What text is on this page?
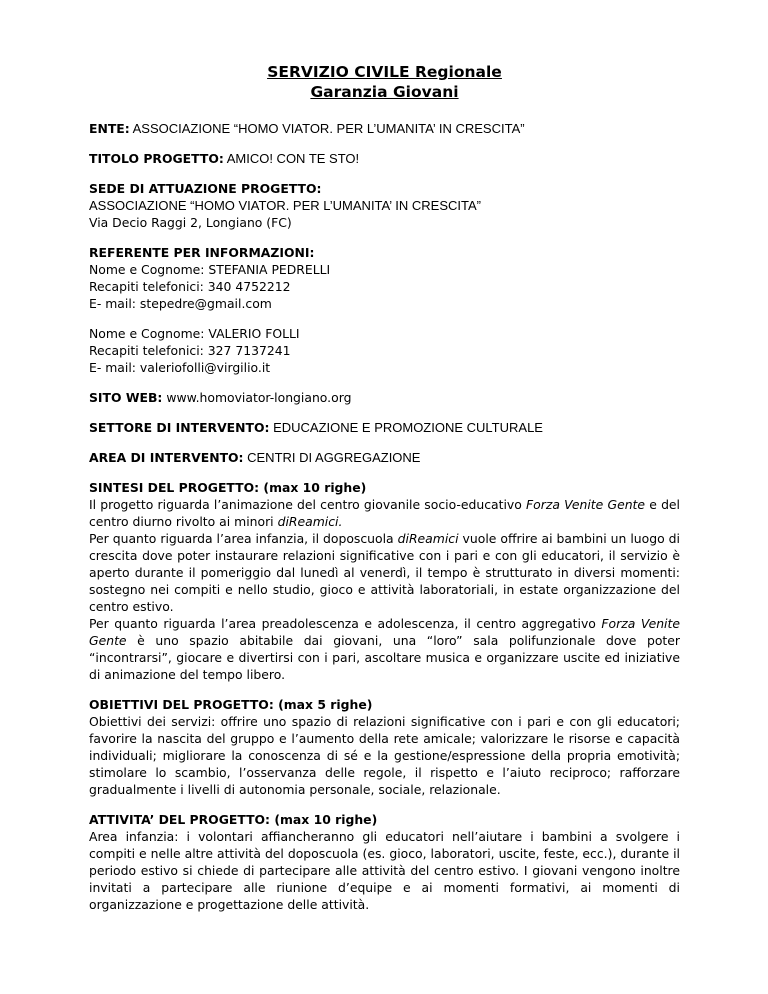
SERVIZIO CIVILE Regionale
Garanzia Giovani
ENTE: ASSOCIAZIONE “HOMO VIATOR. PER L’UMANITA’ IN CRESCITA”
TITOLO PROGETTO: AMICO! CON TE STO!
SEDE DI ATTUAZIONE PROGETTO:
ASSOCIAZIONE “HOMO VIATOR. PER L’UMANITA’ IN CRESCITA”
Via Decio Raggi 2, Longiano (FC)
REFERENTE PER INFORMAZIONI:
Nome e Cognome: STEFANIA PEDRELLI
Recapiti telefonici: 340 4752212
E- mail: stepedre@gmail.com
Nome e Cognome: VALERIO FOLLI
Recapiti telefonici: 327 7137241
E- mail: valeriofolli@virgilio.it
SITO WEB: www.homoviator-longiano.org
SETTORE DI INTERVENTO: EDUCAZIONE E PROMOZIONE CULTURALE
AREA DI INTERVENTO: CENTRI DI AGGREGAZIONE
SINTESI DEL PROGETTO: (max 10 righe)

Il progetto riguarda l’animazione del centro giovanile socio-educativo Forza Venite Gente e del centro diurno rivolto ai minori diReamici.

Per quanto riguarda l’area infanzia, il doposcuola diReamici vuole offrire ai bambini un luogo di crescita dove poter instaurare relazioni significative con i pari e con gli educatori, il servizio è aperto durante il pomeriggio dal lunedì al venerdì, il tempo è strutturato in diversi momenti: sostegno nei compiti e nello studio, gioco e attività laboratoriali, in estate organizzazione del centro estivo.

Per quanto riguarda l’area preadolescenza e adolescenza, il centro aggregativo Forza Venite Gente è uno spazio abitabile dai giovani, una “loro” sala polifunzionale dove poter “incontrarsi”, giocare e divertirsi con i pari, ascoltare musica e organizzare uscite ed iniziative di animazione del tempo libero.

OBIETTIVI DEL PROGETTO: (max 5 righe)

Obiettivi dei servizi: offrire uno spazio di relazioni significative con i pari e con gli educatori; favorire la nascita del gruppo e l’aumento della rete amicale; valorizzare le risorse e capacità individuali; migliorare la conoscenza di sé e la gestione/espressione della propria emotività; stimolare lo scambio, l’osservanza delle regole, il rispetto e l’aiuto reciproco; rafforzare gradualmente i livelli di autonomia personale, sociale, relazionale.

ATTIVITA’ DEL PROGETTO: (max 10 righe)

Area infanzia: i volontari affiancheranno gli educatori nell’aiutare i bambini a svolgere i compiti e nelle altre attività del doposcuola (es. gioco, laboratori, uscite, feste, ecc.), durante il periodo estivo si chiede di partecipare alle attività del centro estivo. I giovani vengono inoltre invitati a partecipare alle riunione d’equipe e ai momenti formativi, ai momenti di organizzazione e progettazione delle attività.
